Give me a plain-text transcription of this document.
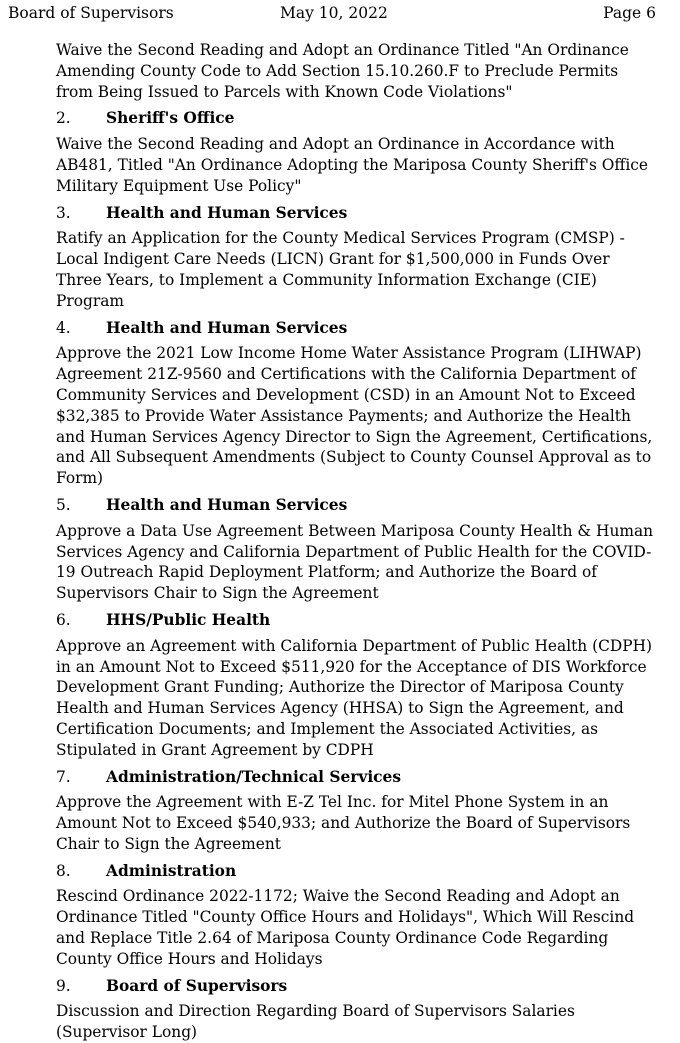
Board of Supervisors	May 10, 2022	Page 6

Waive the Second Reading and Adopt an Ordinance Titled "An Ordinance Amending County Code to Add Section 15.10.260.F to Preclude Permits from Being Issued to Parcels with Known Code Violations"

2.	Sheriff's Office

Waive the Second Reading and Adopt an Ordinance in Accordance with AB481, Titled "An Ordinance Adopting the Mariposa County Sheriff's Office Military Equipment Use Policy"

3.	Health and Human Services

Ratify an Application for the County Medical Services Program (CMSP) - Local Indigent Care Needs (LICN) Grant for $1,500,000 in Funds Over Three Years, to Implement a Community Information Exchange (CIE) Program

4.	Health and Human Services

Approve the 2021 Low Income Home Water Assistance Program (LIHWAP) Agreement 21Z-9560 and Certifications with the California Department of Community Services and Development (CSD) in an Amount Not to Exceed $32,385 to Provide Water Assistance Payments; and Authorize the Health and Human Services Agency Director to Sign the Agreement, Certifications, and All Subsequent Amendments (Subject to County Counsel Approval as to Form)

5.	Health and Human Services

Approve a Data Use Agreement Between Mariposa County Health & Human Services Agency and California Department of Public Health for the COVID-19 Outreach Rapid Deployment Platform; and Authorize the Board of Supervisors Chair to Sign the Agreement

6.	HHS/Public Health

Approve an Agreement with California Department of Public Health (CDPH) in an Amount Not to Exceed $511,920 for the Acceptance of DIS Workforce Development Grant Funding; Authorize the Director of Mariposa County Health and Human Services Agency (HHSA) to Sign the Agreement, and Certification Documents; and Implement the Associated Activities, as Stipulated in Grant Agreement by CDPH

7.	Administration/Technical Services

Approve the Agreement with E-Z Tel Inc. for Mitel Phone System in an Amount Not to Exceed $540,933; and Authorize the Board of Supervisors Chair to Sign the Agreement

8.	Administration

Rescind Ordinance 2022-1172; Waive the Second Reading and Adopt an Ordinance Titled "County Office Hours and Holidays", Which Will Rescind and Replace Title 2.64 of Mariposa County Ordinance Code Regarding County Office Hours and Holidays

9.	Board of Supervisors

Discussion and Direction Regarding Board of Supervisors Salaries (Supervisor Long)
